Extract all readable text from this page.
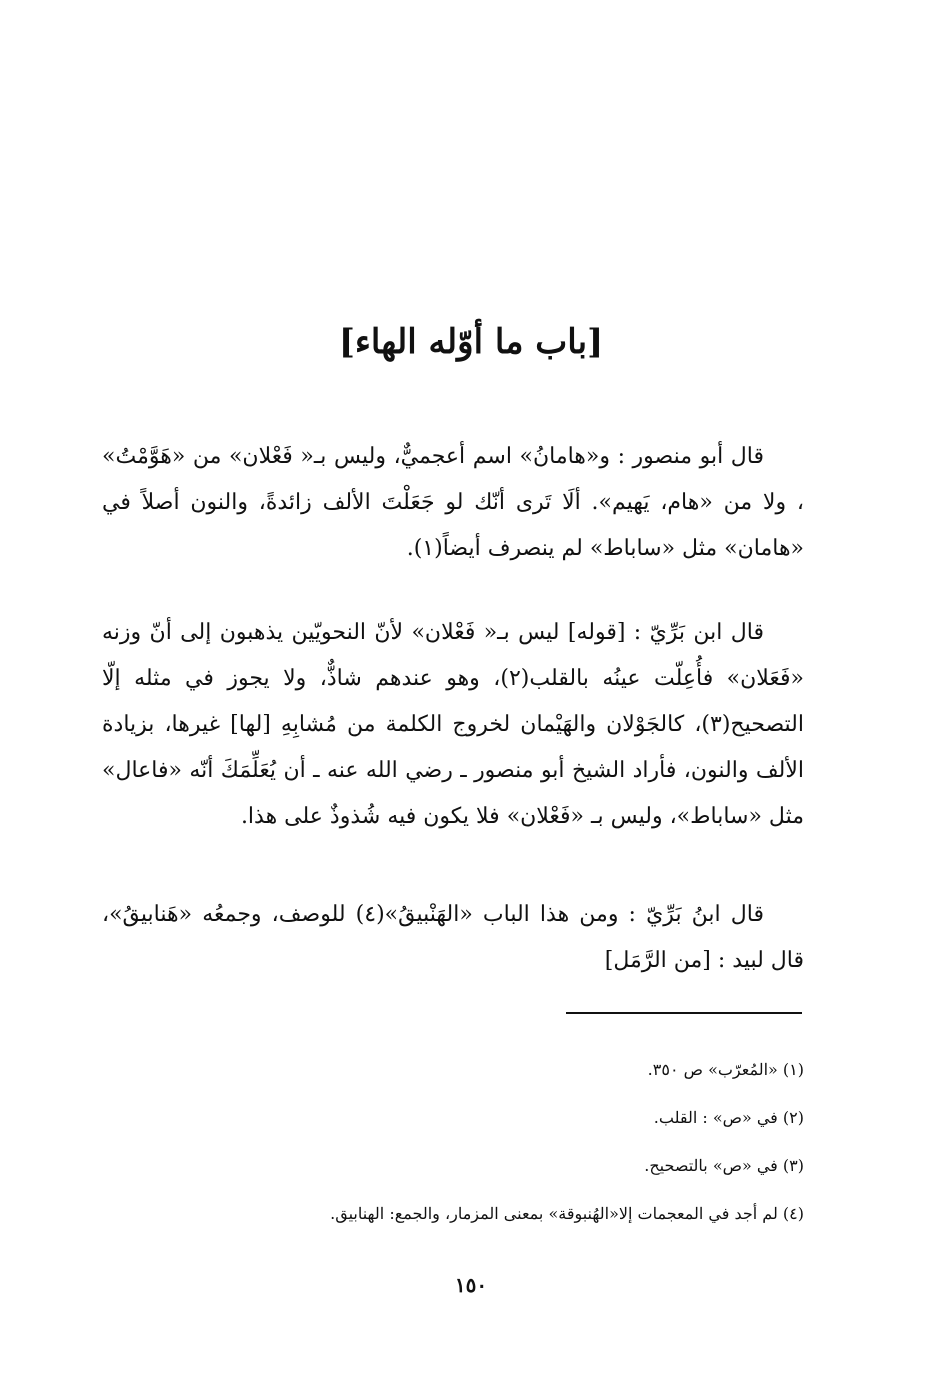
[باب ما أوّله الهاء]

قال أبو منصور : و«هامانُ» اسم أعجميٌّ، وليس بـ« فَعْلان» من «هَوَّمْتُ» ، ولا من «هام، يَهيم». ألَا تَرى أنّك لو جَعَلْتَ الألف زائدةً، والنون أصلاً في «هامان» مثل «ساباط» لم ينصرف أيضاً(١).

قال ابن بَرِّيّ : [قوله] ليس بـ« فَعْلان» لأنّ النحويّين يذهبون إلى أنّ وزنه «فَعَلان» فأُعِلّت عينُه بالقلب(٢)، وهو عندهم شاذٌّ، ولا يجوز في مثله إلّا التصحيح(٣)، كالجَوْلان والهَيْمان لخروج الكلمة من مُشابِهِ [لها] غيرها، بزيادة الألف والنون، فأراد الشيخ أبو منصور ـ رضي الله عنه ـ أن يُعَلِّمَكَ أنّه «فاعال» مثل «ساباط»، وليس بـ «فَعْلان» فلا يكون فيه شُذوذٌ على هذا.

قال ابنُ بَرِّيّ : ومن هذا الباب «الهَنْبيقُ»(٤) للوصف، وجمعُه «هَنابيقُ»، قال لبيد : [من الرَّمَل]

(١) «المُعرّب» ص ٣٥٠.
(٢) في «ص» : القلب.
(٣) في «ص» بالتصحيح.
(٤) لم أجد في المعجمات إلا«الهُنبوقة» بمعنى المزمار، والجمع: الهنابيق.
١٥٠
